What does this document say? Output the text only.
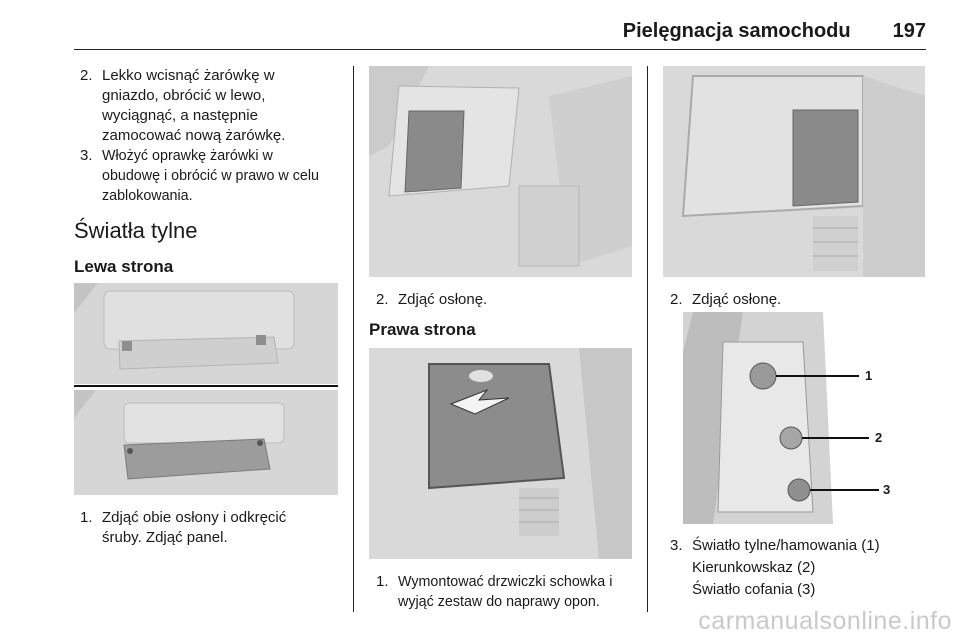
Pielęgnacja samochodu 197
2. Lekko wcisnąć żarówkę w
gniazdo, obrócić w lewo,
wyciągnąć, a następnie
zamocować nową żarówkę.
3. Włożyć oprawkę żarówki w
obudowę i obrócić w prawo w celu
zablokowania.
Światła tylne
Lewa strona
1. Zdjąć obie osłony i odkręcić
śruby. Zdjąć panel.
2. Zdjąć osłonę.
Prawa strona
1. Wymontować drzwiczki schowka i
wyjąć zestaw do naprawy opon.
2. Zdjąć osłonę.
1
2
3
3. Światło tylne/hamowania (1)
Kierunkowskaz (2)
Światło cofania (3)
carmanualsonline.info
